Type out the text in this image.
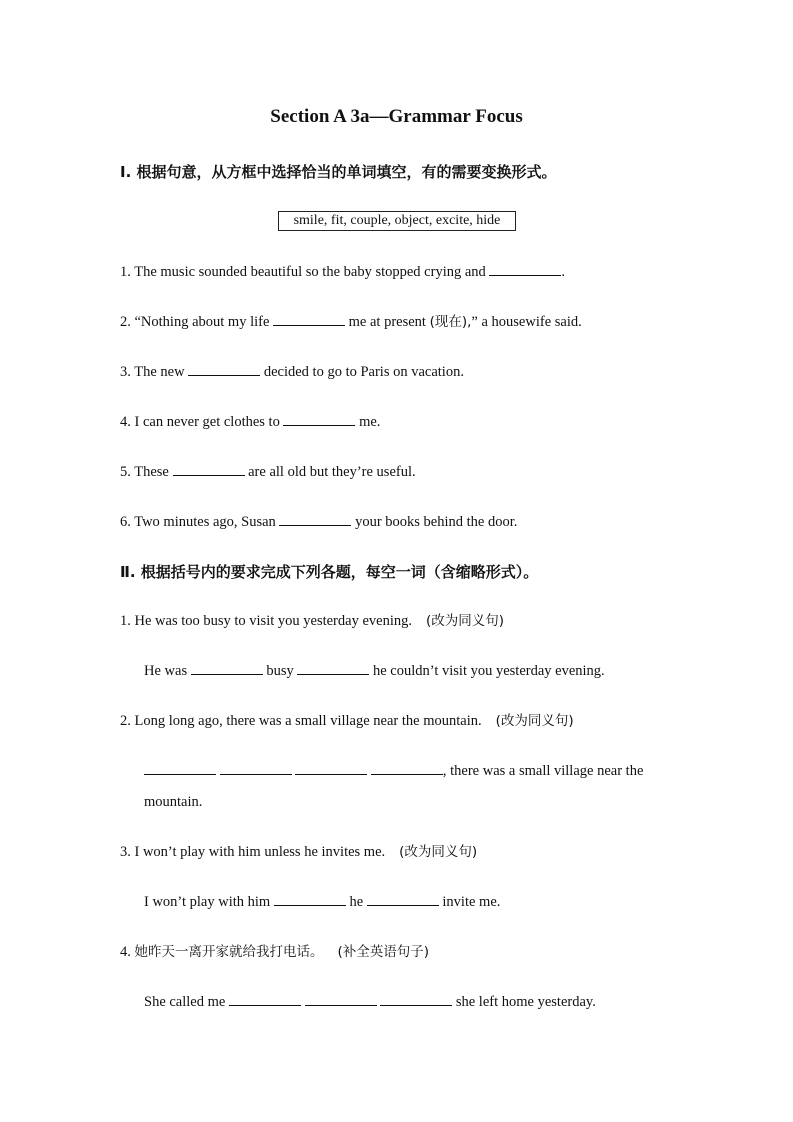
Section A 3a—Grammar Focus
Ⅰ. 根据句意，从方框中选择恰当的单词填空，有的需要变换形式。
smile, fit, couple, object, excite, hide
1. The music sounded beautiful so the baby stopped crying and	.
2. “Nothing about my life	me at present (现在),” a housewife said.
3. The new	decided to go to Paris on vacation.
4. I can never get clothes to	me.
5. These	are all old but they’re useful.
6. Two minutes ago, Susan	your books behind the door.
Ⅱ. 根据括号内的要求完成下列各题，每空一词（含缩略形式）。
1. He was too busy to visit you yesterday evening. (改为同义句)
He was	busy	he couldn’t visit you yesterday evening.
2. Long long ago, there was a small village near the mountain. (改为同义句)
, there was a small village near the
mountain.
3. I won’t play with him unless he invites me. (改为同义句)
I won’t play with him	he	invite me.
4. 她昨天一离开家就给我打电话。 (补全英语句子)
She called me	she left home yesterday.
